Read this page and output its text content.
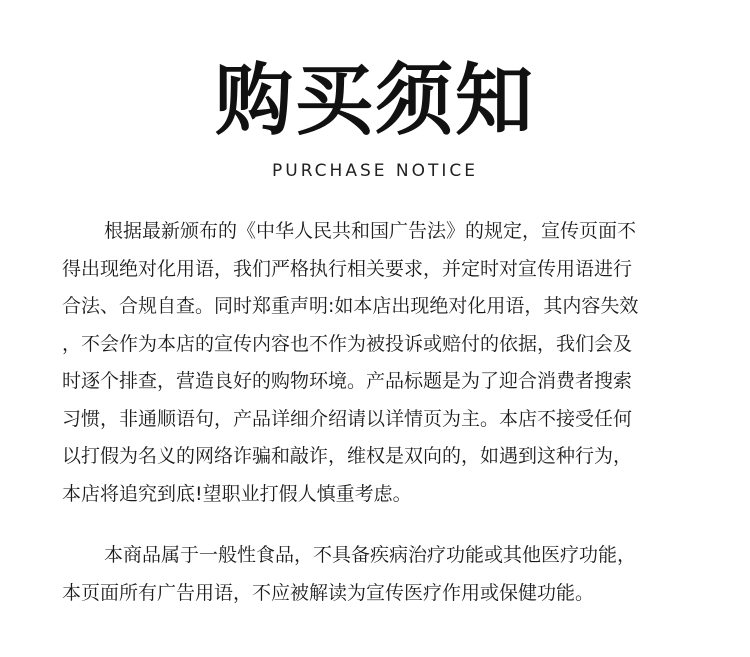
购买须知
PURCHASE NOTICE
根据最新颁布的《中华人民共和国广告法》的规定，宣传页面不
得出现绝对化用语，我们严格执行相关要求，并定时对宣传用语进行
合法、合规自查。同时郑重声明:如本店出现绝对化用语，其内容失效
，不会作为本店的宣传内容也不作为被投诉或赔付的依据，我们会及
时逐个排查，营造良好的购物环境。产品标题是为了迎合消费者搜索
习惯，非通顺语句，产品详细介绍请以详情页为主。本店不接受任何
以打假为名义的网络诈骗和敲诈，维权是双向的，如遇到这种行为，
本店将追究到底!望职业打假人慎重考虑。
本商品属于一般性食品，不具备疾病治疗功能或其他医疗功能，
本页面所有广告用语，不应被解读为宣传医疗作用或保健功能。
